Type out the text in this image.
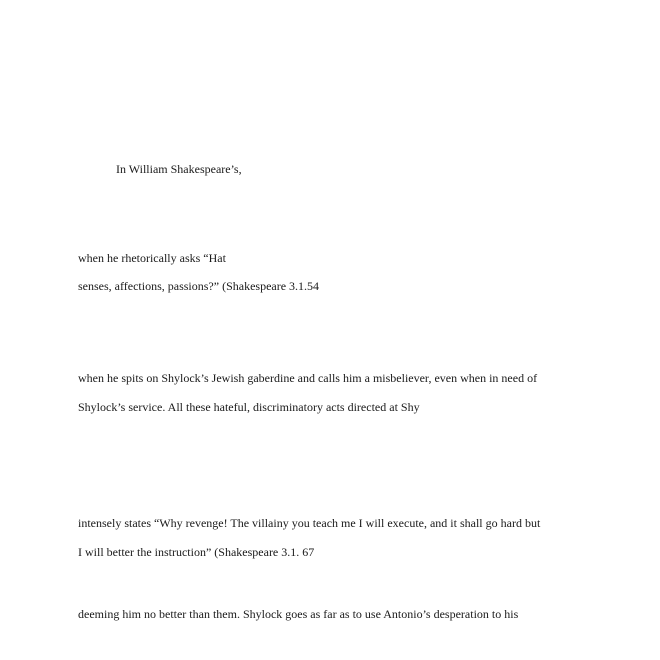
In William Shakespeare’s,

when he rhetorically asks “Hat

senses, affections, passions?” (Shakespeare 3.1.54

when he spits on Shylock’s Jewish gaberdine and calls him a misbeliever, even when in need of

Shylock’s service. All these hateful, discriminatory acts directed at Shy

intensely states “Why revenge! The villainy you teach me I will execute, and it shall go hard but

I will better the instruction” (Shakespeare 3.1. 67

deeming him no better than them. Shylock goes as far as to use Antonio’s desperation to his
